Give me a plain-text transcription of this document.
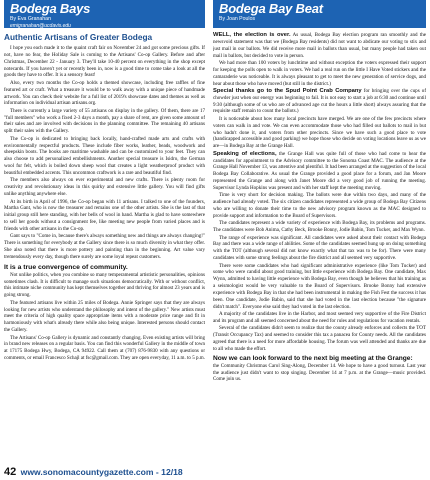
Bodega Bays
By Eva Granahan
emigranahan@ucdavis.edu
Authentic Artisans of Greater Bodega

I hope you each made it to the quaint craft fair on November 24 and got some precious gifts. If not, have no fear, the Holiday Sale is coming to the Artisans' Co-op Gallery. Before and after Christmas, December 22 - January 3. They'll take 10-40 percent on everything in the shop except notecards. If you haven't yet or recently been in, now is a good time to come take a look at all the goods they have to offer. It is a sensory feast!

Also, every two months the Co-op holds a themed showcase, including free raffles of fine featured art or craft. What a treasure it would be to walk away with a unique piece of handmade artwork. You can check their website for a full list of 2019's showcase dates and themes as well as information on individual artisan artisans.org.

There is currently a large variety of 55 artisans on display in the gallery. Of them, there are 17 "full members" who work a fixed 2-3 days a month, pay a share of rent, are given some amount of their sales and are involved with decisions in the planning committee. The remaining 40 artisans split their sales with the Gallery.

The Co-op is dedicated to bringing back locally, hand-crafted made arts and crafts with environmentally respectful products. These include fiber works, leather, beads, woodwork and sheepskin boots. The books are maritime washable and can be customized to your feet. They can also choose to add personalized embellishments. Another special treasure is Isidro, the German wool fur felt, which is boiled down sheep wool that creates a light weatherproof product with beautiful embedded accents. This uncommon craftwork is a rare and beautiful find.

The members also always on ever experimental and new crafts. There is plenty room for creativity and revolutionary ideas in this quirky and extensive little gallery. You will find gifts unlike anything anywhere else.

At its birth in April of 1996, the Co-op began with 11 artisans. I talked to one of the founders, Martha Gant, who is now the treasurer and remains one of the other artists. She is the last of that initial group still here standing, with her bells of wool in hand. Martha is glad to have somewhere to sell her goods without a consignment fee, like meeting new people from varied places and is friends with other artisans in the Co-op.

Gant says to "Come in, because there's always something new and things are always changing!" There is something for everybody at the Gallery since there is so much diversity in what they offer. She also noted that there is more pottery and painting than in the beginning. Art value vary tremendously every day, though there surely are some loyal repeat customers.

It is a true convergence of community.

Not unlike politics, when you combine so many temperamental artististic personalities, opinions sometimes clash. It is difficult to manage such situations democratically. With or without conflict, this intimate niche community has kept themselves together and thriving for almost 23 years and is going strong.

The featured artisans live within 25 miles of Bodega. Annie Springer says that they are always looking for new artists who understand the philosophy and intent of the gallery." New artists must meet the criteria of high quality space appropriate items with a moderate price range and fit in harmoniously with what's already there while also being unique. Interested persons should contact the Gallery.

The Artisans' Co-op Gallery is dynamic and constantly changing. Even existing artists will bring in brand new releases on a regular basis. You can find this wonderful Gallery in the middle of town at 17175 Bodega Hwy, Bodega, CA 94922. Call them at (707) 876-9830 with any questions or comments, or email Francesco Schajl at fsc@gmail.com. They are open everyday, 11 a.m. to 5 p.m.

Bodega Bay Beat
By Joan Poulos

WELL, the election is over. As usual, Bodega Bay election program ran smoothly and the newsvoid statement was that we (Bodega Bay residents) did not want to abdicate our voting to stix and just mail in our ballots. We did receive more mail in ballots than usual, but many people had taken out mail in ballots, but decided to vote in person.

We had more than 100 voters by lunchtime and without exception the voters expressed their support for keeping the polls open to walk in voters. We had a real run on the little I Have Voted stickers and the camaraderie was noticeable. It is always pleasant to get to meet the new generation of service dogs, and hear about those who have moved (but still in the district.)

Special thanks go to the Spud Point Crab Company for bringing over the cups of chowder just when our energy was beginning to fail. It is not easy to start a job at 6:30 and continue until 9:30 (although some of us who are of advanced age cut the hours a little short) always assuring that the requisite staff remain to count the ballots.)

It is noticeable about how many local precincts have merged. We are one of the few precincts where voters can walk in and vote. We can even accommodate those who had filled out ballots to mail in but who hadn't done it, and voters from other precincts. Since we have such a good place to vote (handicapped accessible and good parking) we hope those who decide on voting locations leave us as we are—in Bodega Bay at the Grange Hall.

Speaking of elections, the Grange Hall was quite full of those who had come to hear the candidates for appointment to the Advisory committee to the Sonoma Coast MAC. The audience at the Grange Hall November 13, was attentive and plentiful. It had been arranged at the suggestion of the local Bodega Bay Collaborative. As usual the Grange provided a good place for a forum, and Jan Moore represented the Grange and along with Janet Moore did a very good job of running the meeting. Supervisor Lynda Hopkins was present and with her staff kept the meeting moving.

Time is very short for decision making. The ballots were due within two days, and many of the audience had already voted. The six citizen candidates represented a wide group of Bodega Bay Citizens who are willing to donate their time to the new advisory program known as the MAC designed to provide support and information to the Board of Supervisors.

The candidates represent a wide variety of experience with Bodega Bay, its problems and programs. The candidates were Bob Anima, Cathy Beck, Brooke Bonny, Jodie Babin, Tom Tucker, and Max Wynn.

The range of experience was significant. All candidates were asked about their contact with Bodega Bay and there was a wide range of abilities. Some of the candidates seemed hung up on doing something with the TOT (although several did not know exactly what that tax was to be for). There were many candidates with some strong feelings about the fire district and all seemed very supportive.

There were some candidates who had significant administrative experience (like Tom Tucker) and some who were candid about good training, but little experience with Bodega Bay. One candidate, Max Wynn, admitted to having little experience with Bodega Bay, even though he believes that his training as a seismologist would be very valuable to the Board of Supervisors. Brooke Bonny had extensive experience with Bodega Bay in that she had been instrumental in making the Fish Fest the success it has been. One candidate, Jodie Babin, said that she had voted in the last election because "the signature didn't match". Everyone else said they had voted in the last election.

A majority of the candidates live in the Harbor, and most seemed very supportive of the Fire District and its program and all seemed concerned about the need for rules and regulations for vacation rentals.

Several of the candidates didn't seem to realize that the county already enforces and collects the TOT (Transit Occupancy Tax) and seemed to consider this tax a panacea for County needs. All the candidates agreed that there is a need for more affordable housing. The forum was well attended and thanks are due to all who made the effort.

Now we can look forward to the next big meeting at the Grange:

the Community Christmas Carol Sing-Along, December 14. We hope to have a good turnout. Last year the audience just didn't want to stop singing. December 14 at 7 p.m. at the Grange—music provided. Come join us.

42 www.sonomacountygazette.com - 12/18
